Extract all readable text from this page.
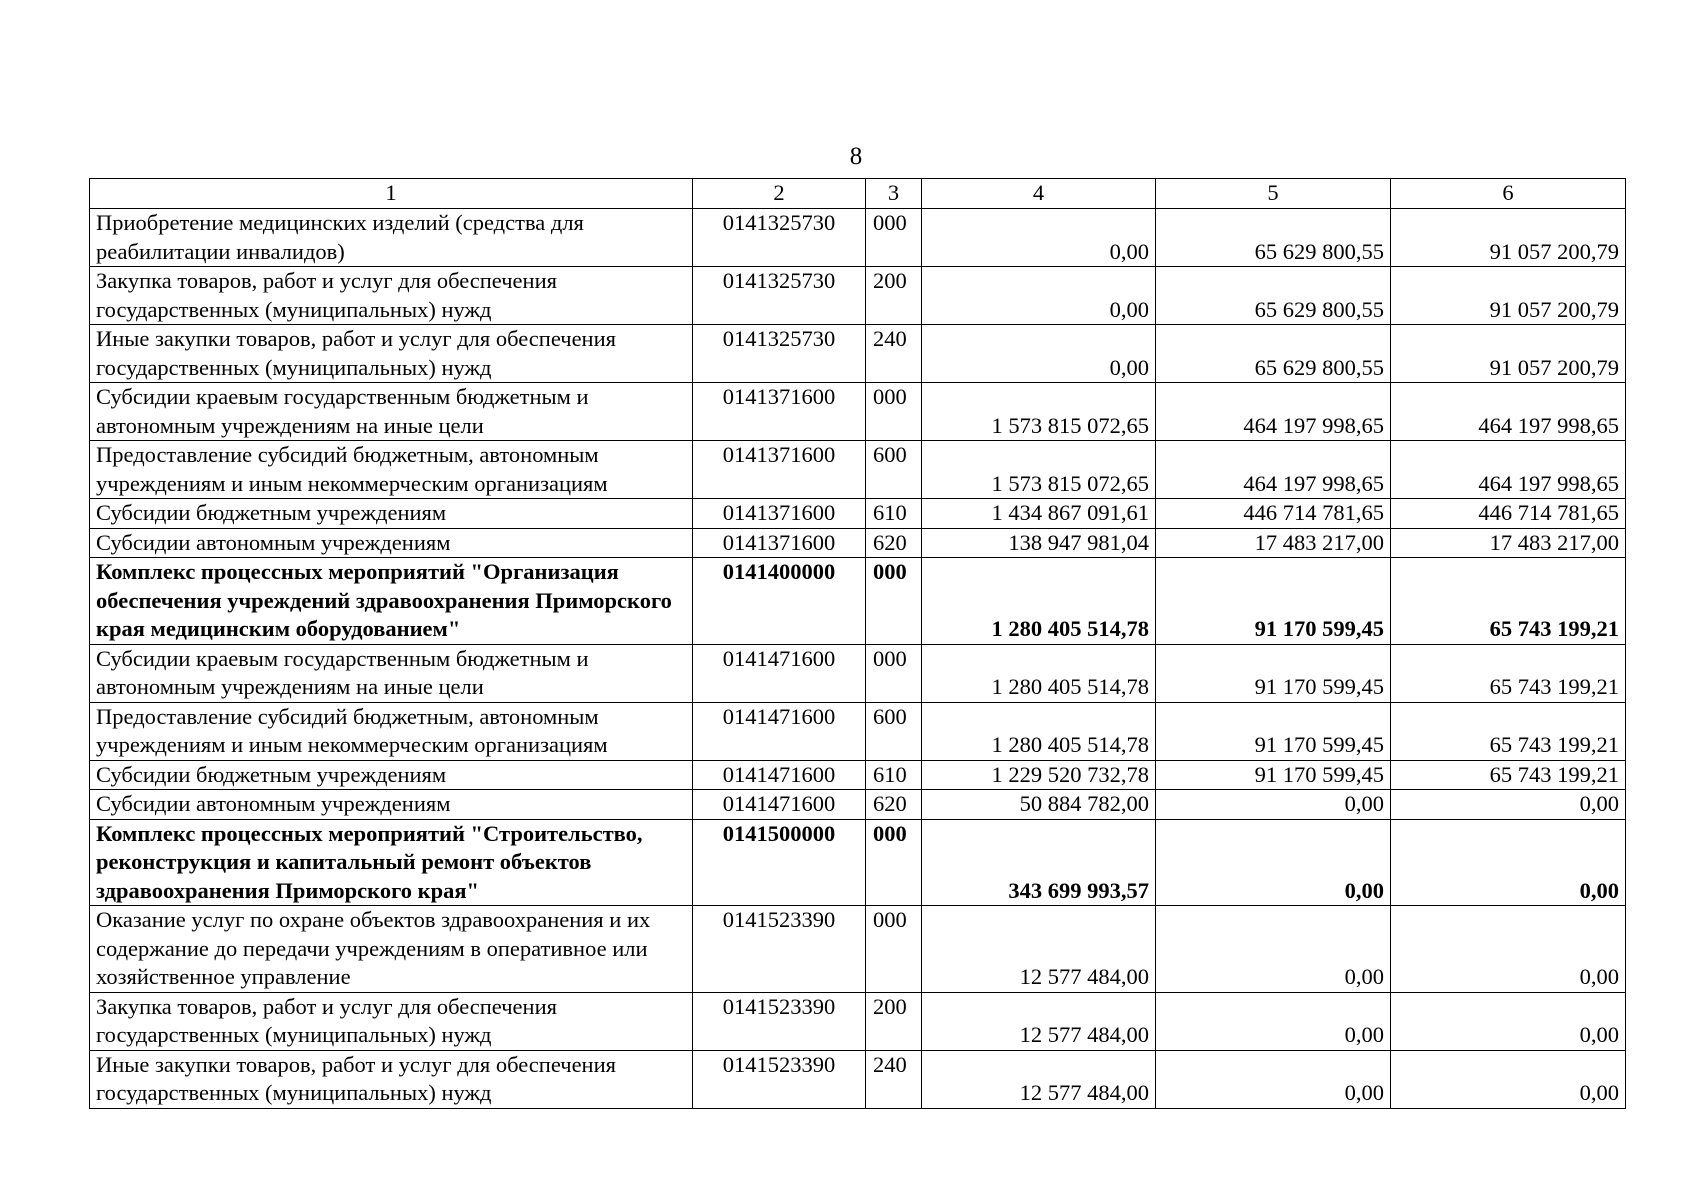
8
1	2	3	4	5	6
Приобретение медицинских изделий (средства для реабилитации инвалидов)	0141325730	000	0,00	65 629 800,55	91 057 200,79
Закупка товаров, работ и услуг для обеспечения государственных (муниципальных) нужд	0141325730	200	0,00	65 629 800,55	91 057 200,79
Иные закупки товаров, работ и услуг для обеспечения государственных (муниципальных) нужд	0141325730	240	0,00	65 629 800,55	91 057 200,79
Субсидии краевым государственным бюджетным и автономным учреждениям на иные цели	0141371600	000	1 573 815 072,65	464 197 998,65	464 197 998,65
Предоставление субсидий бюджетным, автономным учреждениям и иным некоммерческим организациям	0141371600	600	1 573 815 072,65	464 197 998,65	464 197 998,65
Субсидии бюджетным учреждениям	0141371600	610	1 434 867 091,61	446 714 781,65	446 714 781,65
Субсидии автономным учреждениям	0141371600	620	138 947 981,04	17 483 217,00	17 483 217,00
Комплекс процессных мероприятий "Организация обеспечения учреждений здравоохранения Приморского края медицинским оборудованием"	0141400000	000	1 280 405 514,78	91 170 599,45	65 743 199,21
Субсидии краевым государственным бюджетным и автономным учреждениям на иные цели	0141471600	000	1 280 405 514,78	91 170 599,45	65 743 199,21
Предоставление субсидий бюджетным, автономным учреждениям и иным некоммерческим организациям	0141471600	600	1 280 405 514,78	91 170 599,45	65 743 199,21
Субсидии бюджетным учреждениям	0141471600	610	1 229 520 732,78	91 170 599,45	65 743 199,21
Субсидии автономным учреждениям	0141471600	620	50 884 782,00	0,00	0,00
Комплекс процессных мероприятий "Строительство, реконструкция и капитальный ремонт объектов здравоохранения Приморского края"	0141500000	000	343 699 993,57	0,00	0,00
Оказание услуг по охране объектов здравоохранения и их содержание до передачи учреждениям в оперативное или хозяйственное управление	0141523390	000	12 577 484,00	0,00	0,00
Закупка товаров, работ и услуг для обеспечения государственных (муниципальных) нужд	0141523390	200	12 577 484,00	0,00	0,00
Иные закупки товаров, работ и услуг для обеспечения государственных (муниципальных) нужд	0141523390	240	12 577 484,00	0,00	0,00
